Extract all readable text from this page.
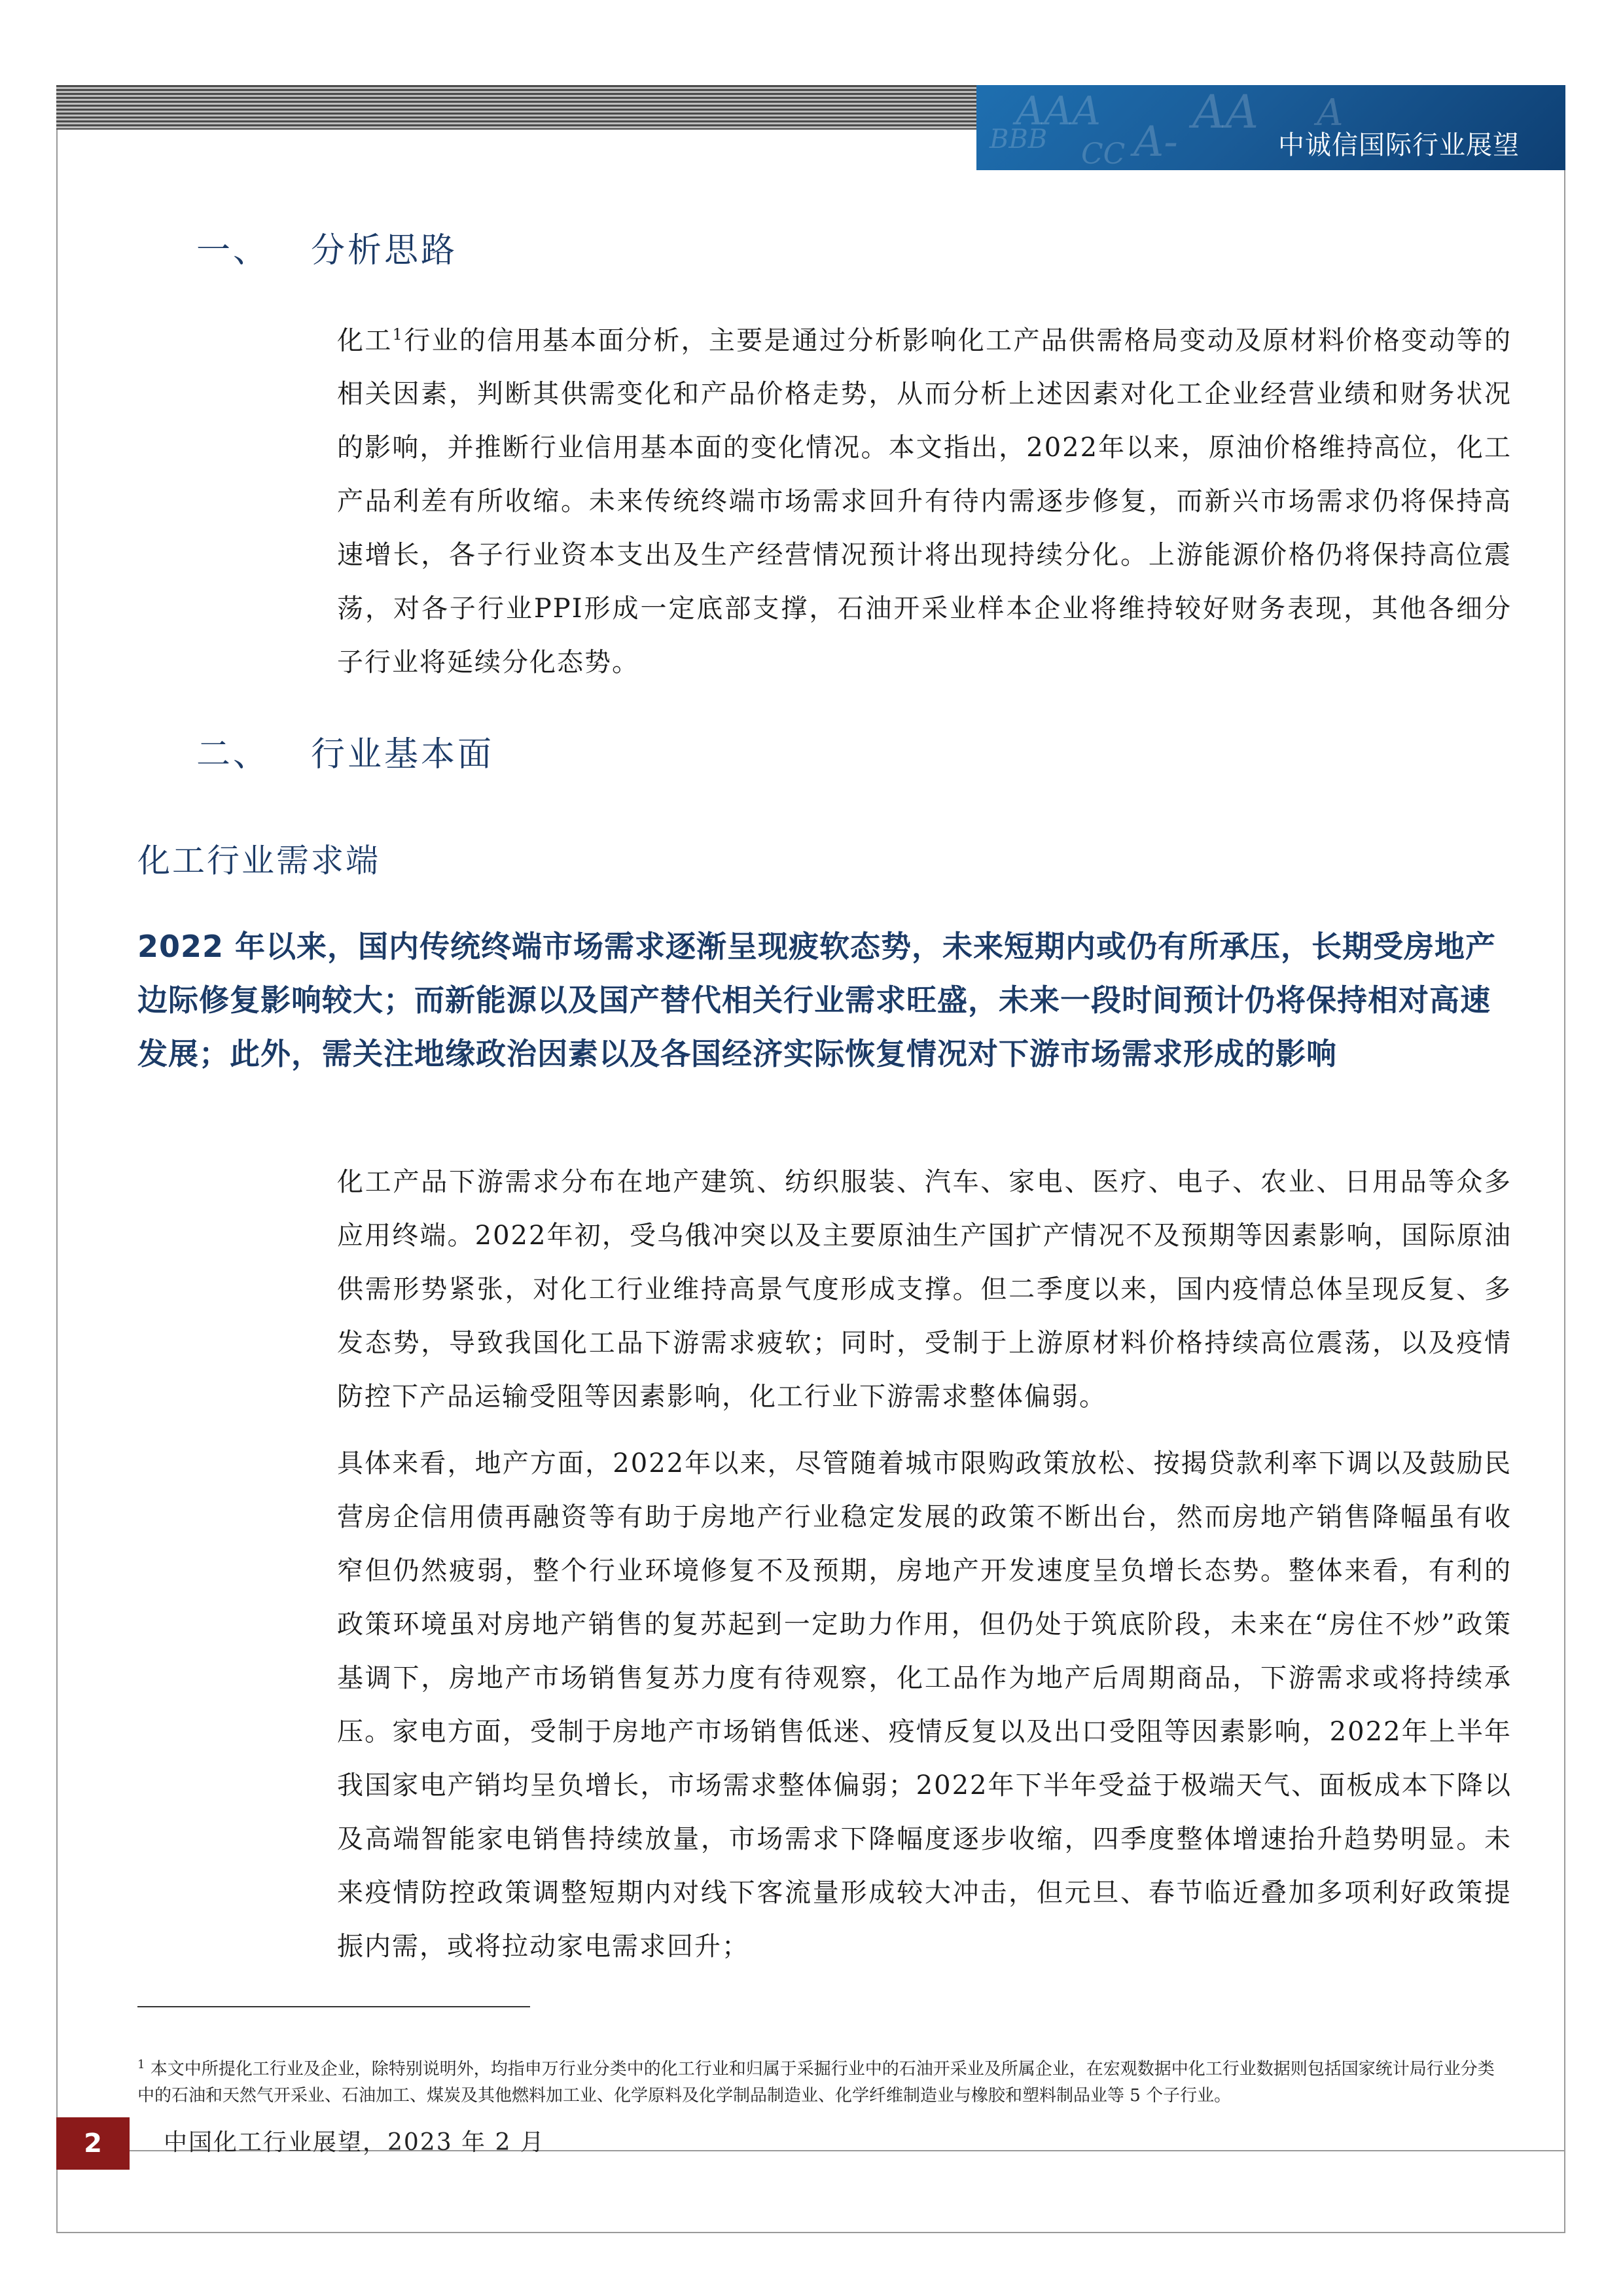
AAA AA
BBB CC A-
A
中诚信国际行业展望
一、 分析思路
化工$^1$行业的信用基本面分析，主要是通过分析影响化工产品供需格局变动及原材料价格变动等的相关因素，判断其供需变化和产品价格走势，从而分析上述因素对化工企业经营业绩和财务状况的影响，并推断行业信用基本面的变化情况。本文指出，2022年以来，原油价格维持高位，化工产品利差有所收缩。未来传统终端市场需求回升有待内需逐步修复，而新兴市场需求仍将保持高速增长，各子行业资本支出及生产经营情况预计将出现持续分化。上游能源价格仍将保持高位震荡，对各子行业PPI形成一定底部支撑，石油开采业样本企业将维持较好财务表现，其他各细分子行业将延续分化态势。
二、 行业基本面
化工行业需求端
2022 年以来，国内传统终端市场需求逐渐呈现疲软态势，未来短期内或仍有所承压，长期受房地产边际修复影响较大；而新能源以及国产替代相关行业需求旺盛，未来一段时间预计仍将保持相对高速发展；此外，需关注地缘政治因素以及各国经济实际恢复情况对下游市场需求形成的影响
化工产品下游需求分布在地产建筑、纺织服装、汽车、家电、医疗、电子、农业、日用品等众多应用终端。2022年初，受乌俄冲突以及主要原油生产国扩产情况不及预期等因素影响，国际原油供需形势紧张，对化工行业维持高景气度形成支撑。但二季度以来，国内疫情总体呈现反复、多发态势，导致我国化工品下游需求疲软；同时，受制于上游原材料价格持续高位震荡，以及疫情防控下产品运输受阻等因素影响，化工行业下游需求整体偏弱。
具体来看，地产方面，2022年以来，尽管随着城市限购政策放松、按揭贷款利率下调以及鼓励民营房企信用债再融资等有助于房地产行业稳定发展的政策不断出台，然而房地产销售降幅虽有收窄但仍然疲弱，整个行业环境修复不及预期，房地产开发速度呈负增长态势。整体来看，有利的政策环境虽对房地产销售的复苏起到一定助力作用，但仍处于筑底阶段，未来在“房住不炒”政策基调下，房地产市场销售复苏力度有待观察，化工品作为地产后周期商品，下游需求或将持续承压。家电方面，受制于房地产市场销售低迷、疫情反复以及出口受阻等因素影响，2022年上半年我国家电产销均呈负增长，市场需求整体偏弱；2022年下半年受益于极端天气、面板成本下降以及高端智能家电销售持续放量，市场需求下降幅度逐步收缩，四季度整体增速抬升趋势明显。未来疫情防控政策调整短期内对线下客流量形成较大冲击，但元旦、春节临近叠加多项利好政策提振内需，或将拉动家电需求回升；
$^1$ 本文中所提化工行业及企业，除特别说明外，均指申万行业分类中的化工行业和归属于采掘行业中的石油开采业及所属企业，在宏观数据中化工行业数据则包括国家统计局行业分类中的石油和天然气开采业、石油加工、煤炭及其他燃料加工业、化学原料及化学制品制造业、化学纤维制造业与橡胶和塑料制品业等 5 个子行业。
2	中国化工行业展望，2023 年 2 月
